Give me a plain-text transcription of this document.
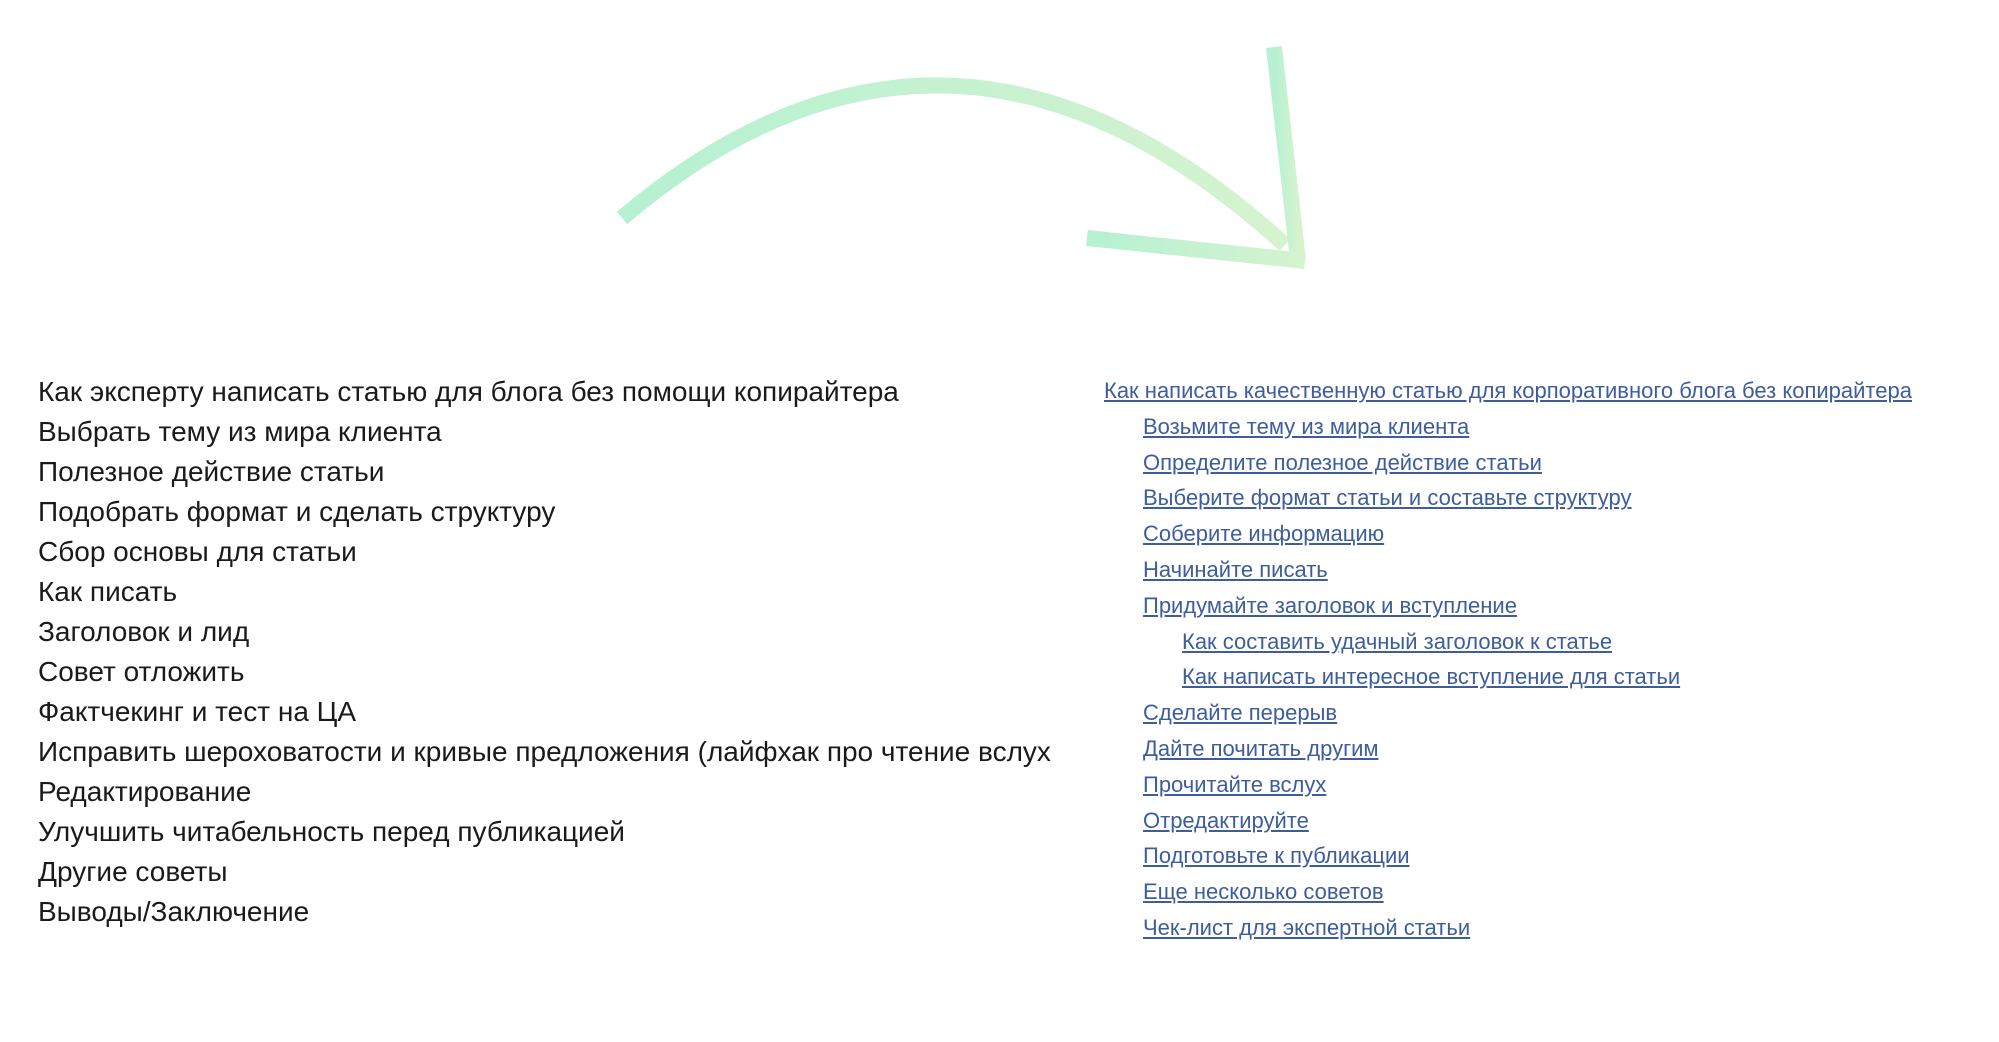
Как эксперту написать статью для блога без помощи копирайтера
Выбрать тему из мира клиента
Полезное действие статьи
Подобрать формат и сделать структуру
Сбор основы для статьи
Как писать
Заголовок и лид
Совет отложить
Фактчекинг и тест на ЦА
Исправить шероховатости и кривые предложения (лайфхак про чтение вслух
Редактирование
Улучшить читабельность перед публикацией
Другие советы
Выводы/Заключение
Как написать качественную статью для корпоративного блога без копирайтера
Возьмите тему из мира клиента
Определите полезное действие статьи
Выберите формат статьи и составьте структуру
Соберите информацию
Начинайте писать
Придумайте заголовок и вступление
Как составить удачный заголовок к статье
Как написать интересное вступление для статьи
Сделайте перерыв
Дайте почитать другим
Прочитайте вслух
Отредактируйте
Подготовьте к публикации
Еще несколько советов
Чек-лист для экспертной статьи
